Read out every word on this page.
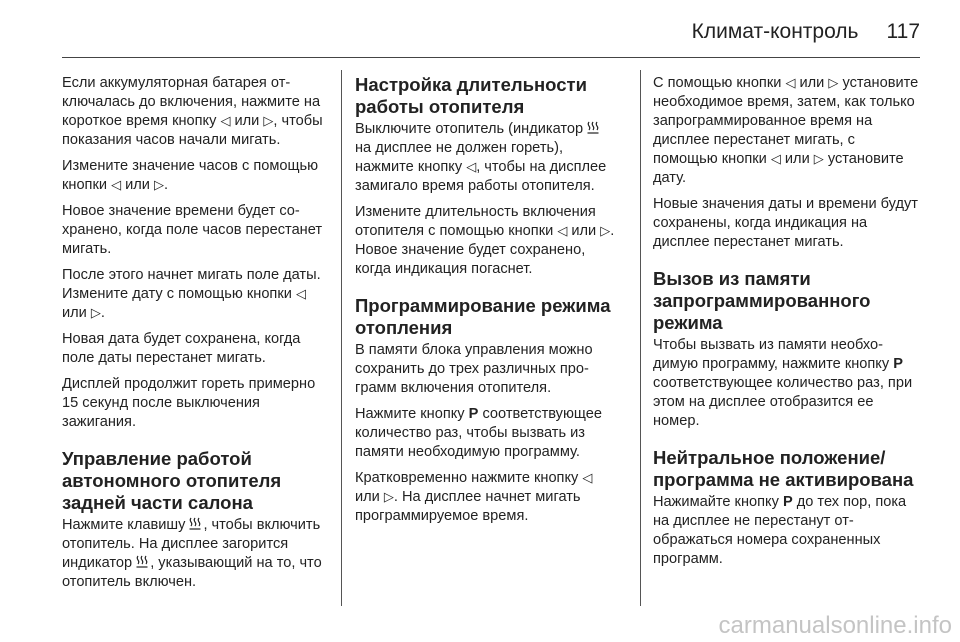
Климат-контроль 117

Если аккумуляторная батарея отключалась до включения, нажмите на короткое время кнопку ◁ или ▷, чтобы показания часов начали мигать.

Измените значение часов с помощью кнопки ◁ или ▷.

Новое значение времени будет сохранено, когда поле часов перестанет мигать.

После этого начнет мигать поле даты. Измените дату с помощью кнопки ◁ или ▷.

Новая дата будет сохранена, когда поле даты перестанет мигать.

Дисплей продолжит гореть примерно 15 секунд после выключения зажигания.

Управление работой автономного отопителя задней части салона

Нажмите клавишу , чтобы включить отопитель. На дисплее загорится индикатор , указывающий на то, что отопитель включен.

Настройка длительности работы отопителя

Выключите отопитель (индикатор  на дисплее не должен гореть), нажмите кнопку ◁, чтобы на дисплее замигало время работы отопителя.

Измените длительность включения отопителя с помощью кнопки ◁ или ▷. Новое значение будет сохранено, когда индикация погаснет.

Программирование режима отопления

В памяти блока управления можно сохранить до трех различных программ включения отопителя.

Нажмите кнопку P соответствующее количество раз, чтобы вызвать из памяти необходимую программу.

Кратковременно нажмите кнопку ◁ или ▷. На дисплее начнет мигать программируемое время.

С помощью кнопки ◁ или ▷ установите необходимое время, затем, как только запрограммированное время на дисплее перестанет мигать, с помощью кнопки ◁ или ▷ установите дату.

Новые значения даты и времени будут сохранены, когда индикация на дисплее перестанет мигать.

Вызов из памяти запрограммированного режима

Чтобы вызвать из памяти необходимую программу, нажмите кнопку P соответствующее количество раз, при этом на дисплее отобразится ее номер.

Нейтральное положение/ программа не активирована

Нажимайте кнопку P до тех пор, пока на дисплее не перестанут отображаться номера сохраненных программ.

carmanualsonline.info
